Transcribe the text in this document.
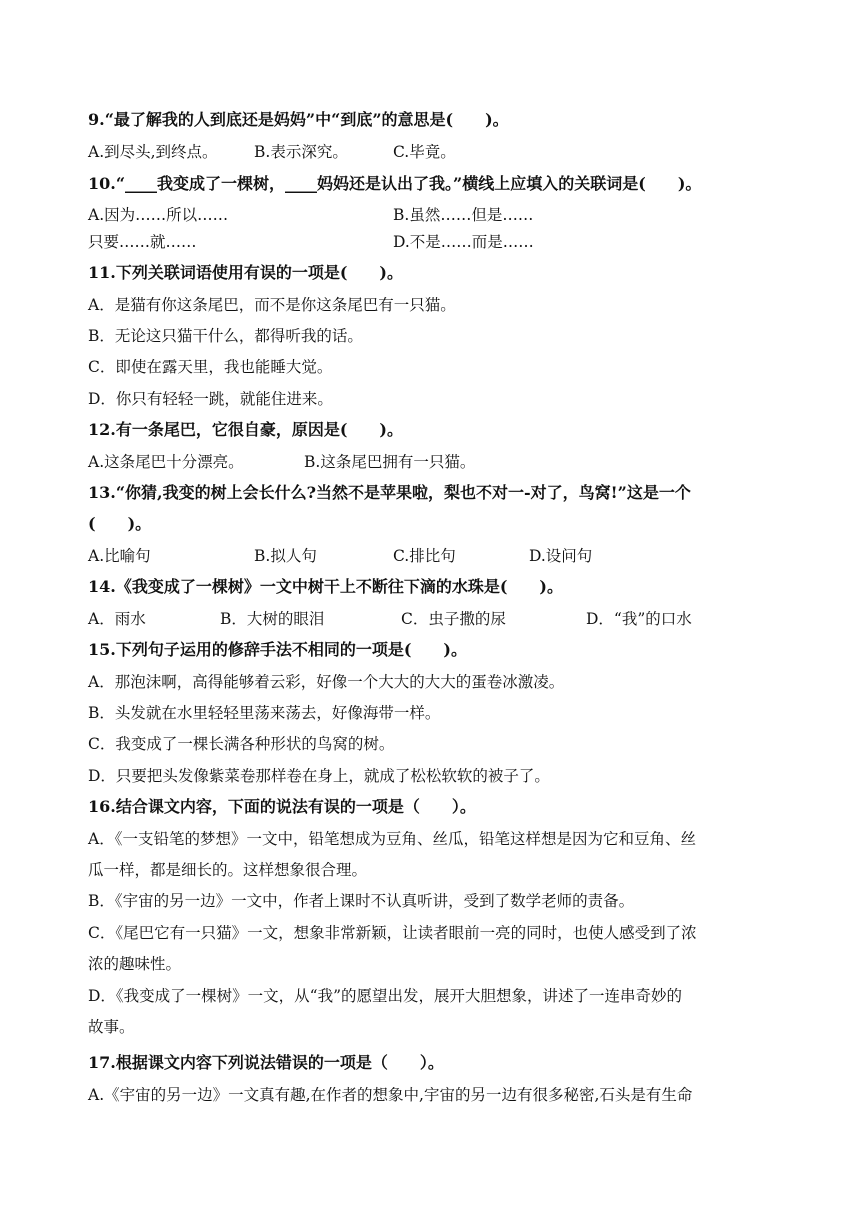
9.“最了解我的人到底还是妈妈”中“到底”的意思是(　　)。
A.到尽头,到终点。 B.表示深究。	C.毕竟。
10.“____我变成了一棵树，____妈妈还是认出了我。”横线上应填入的关联词是(　　)。
A.因为……所以……	B.虽然……但是……
只要……就……	D.不是……而是……
11.下列关联词语使用有误的一项是(　　)。
A．是猫有你这条尾巴，而不是你这条尾巴有一只猫。
B．无论这只猫干什么，都得听我的话。
C．即使在露天里，我也能睡大觉。
D．你只有轻轻一跳，就能住进来。
12.有一条尾巴，它很自豪，原因是(　　)。
A.这条尾巴十分漂亮。	B.这条尾巴拥有一只猫。
13.“你猜,我变的树上会长什么?当然不是苹果啦，梨也不对一-对了，鸟窝!”这是一个
(　　)。
A.比喻句	B.拟人句	C.排比句	D.设问句
14.《我变成了一棵树》一文中树干上不断往下滴的水珠是(　　)。
A．雨水	B．大树的眼泪	C．虫子撒的尿	D．“我”的口水
15.下列句子运用的修辞手法不相同的一项是(　　)。
A．那泡沫啊，高得能够着云彩，好像一个大大的大大的蛋卷冰激凌。
B．头发就在水里轻轻里荡来荡去，好像海带一样。
C．我变成了一棵长满各种形状的鸟窝的树。
D．只要把头发像紫菜卷那样卷在身上，就成了松松软软的被子了。
16.结合课文内容，下面的说法有误的一项是（　　）。
A．《一支铅笔的梦想》一文中，铅笔想成为豆角、丝瓜，铅笔这样想是因为它和豆角、丝
瓜一样，都是细长的。这样想象很合理。
B．《宇宙的另一边》一文中，作者上课时不认真听讲，受到了数学老师的责备。
C．《尾巴它有一只猫》一文，想象非常新颖，让读者眼前一亮的同时，也使人感受到了浓
浓的趣味性。
D．《我变成了一棵树》一文，从“我”的愿望出发，展开大胆想象，讲述了一连串奇妙的
故事。
17.根据课文内容下列说法错误的一项是（　　）。
A.《宇宙的另一边》一文真有趣,在作者的想象中,宇宙的另一边有很多秘密,石头是有生命
